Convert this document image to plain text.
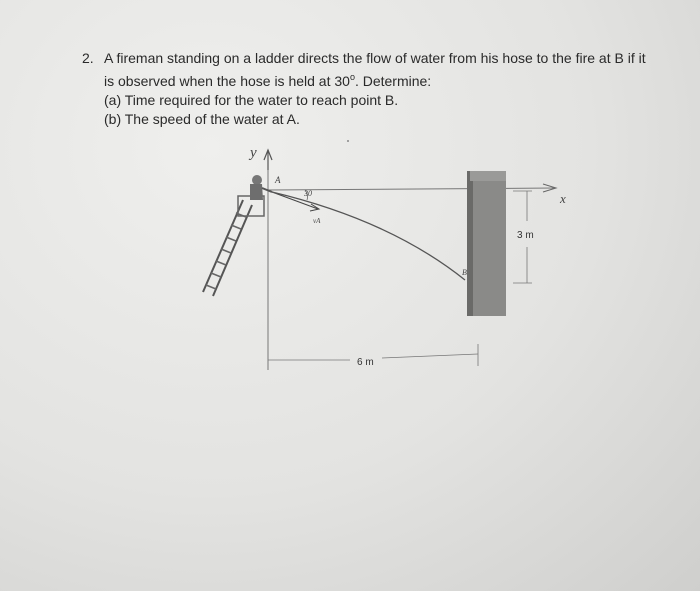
2. A fireman standing on a ladder directs the flow of water from his hose to the fire at B if it
is observed when the hose is held at 30$^o$. Determine:
(a) Time required for the water to reach point B.
(b) The speed of the water at A.
y
x
A
30
vA
B
3 m
6 m
